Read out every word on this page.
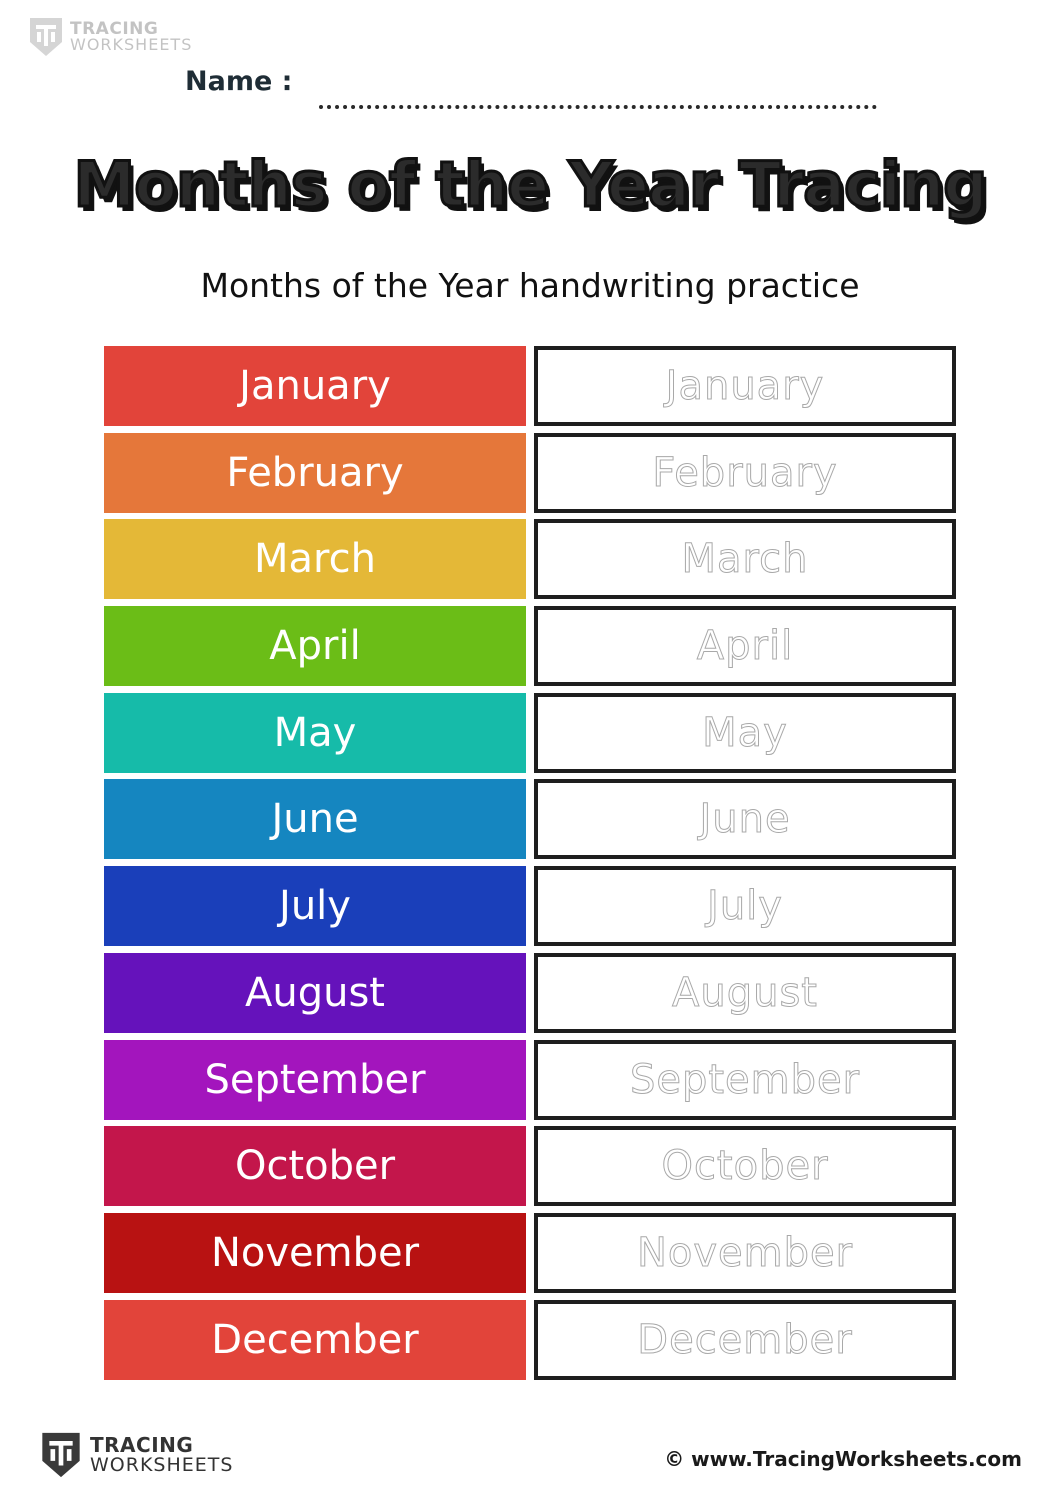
TRACING
WORKSHEETS
Name :
Months of the Year Tracing
Months of the Year handwriting practice
January	January
February	February
March	March
April	April
May	May
June	June
July	July
August	August
September	September
October	October
November	November
December	December
TRACING
WORKSHEETS	© www.TracingWorksheets.com
